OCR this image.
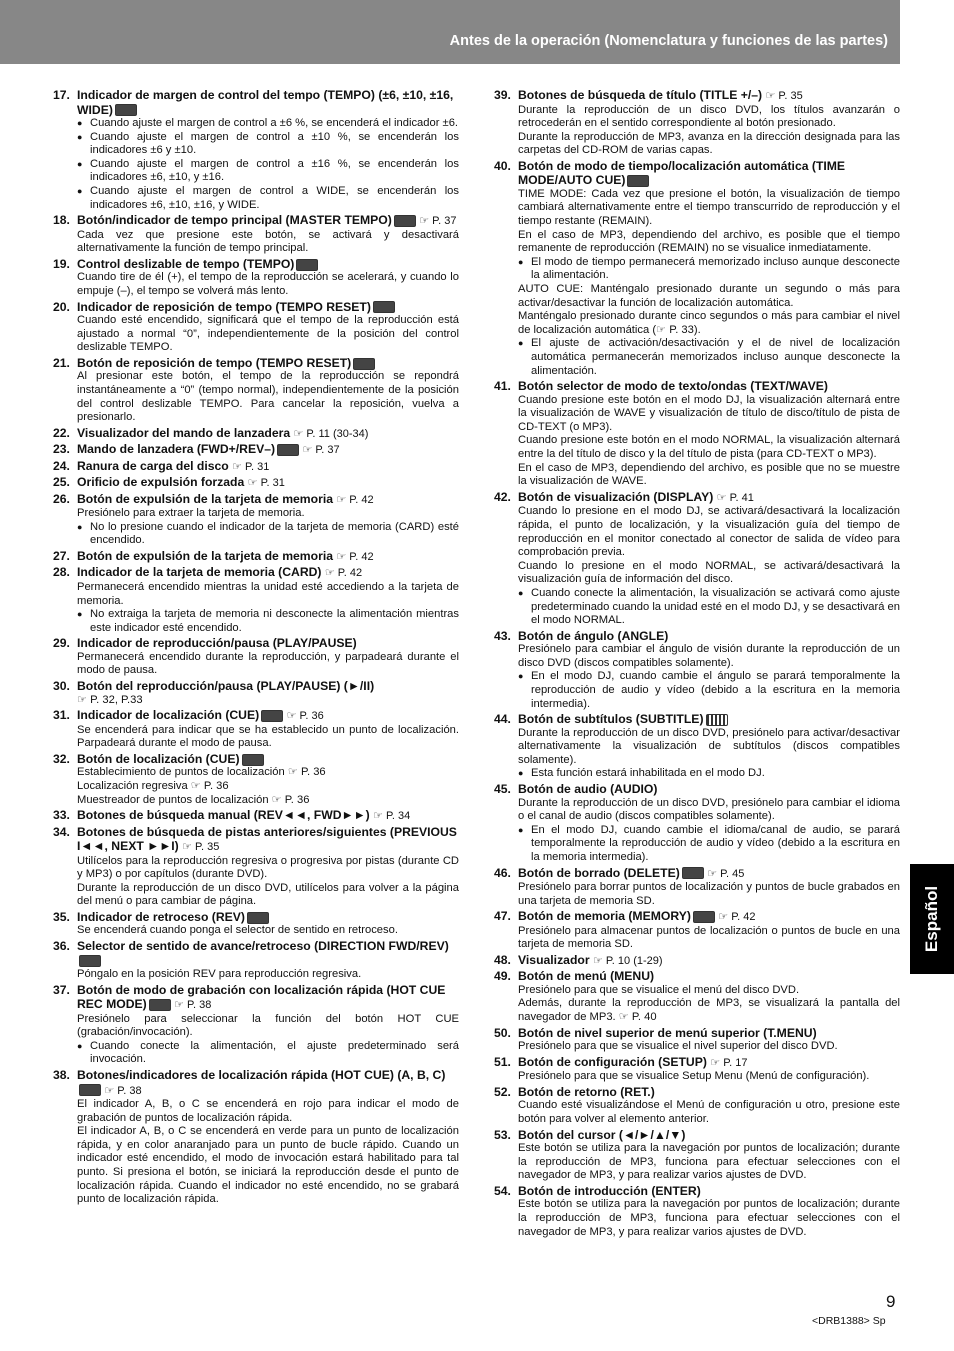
Antes de la operación (Nomenclatura y funciones de las partes)
17. Indicador de margen de control del tempo (TEMPO) (±6, ±10, ±16, WIDE)
● Cuando ajuste el margen de control a ±6 %, se encenderá el indicador ±6.
● Cuando ajuste el margen de control a ±10 %, se encenderán los indicadores ±6 y ±10.
● Cuando ajuste el margen de control a ±16 %, se encenderán los indicadores ±6, ±10, y ±16.
● Cuando ajuste el margen de control a WIDE, se encenderán los indicadores ±6, ±10, ±16, y WIDE.
18. Botón/indicador de tempo principal (MASTER TEMPO) ☞ P. 37
Cada vez que presione este botón, se activará y desactivará alternativamente la función de tempo principal.
19. Control deslizable de tempo (TEMPO)
Cuando tire de él (+), el tempo de la reproducción se acelerará, y cuando lo empuje (–), el tempo se volverá más lento.
20. Indicador de reposición de tempo (TEMPO RESET)
Cuando esté encendido, significará que el tempo de la reproducción está ajustado a normal “0”, independientemente de la posición del control deslizable TEMPO.
21. Botón de reposición de tempo (TEMPO RESET)
Al presionar este botón, el tempo de la reproducción se repondrá instantáneamente a “0” (tempo normal), independientemente de la posición del control deslizable TEMPO. Para cancelar la reposición, vuelva a presionarlo.
22. Visualizador del mando de lanzadera ☞ P. 11 (30-34)
23. Mando de lanzadera (FWD+/REV–) ☞ P. 37
24. Ranura de carga del disco ☞ P. 31
25. Orificio de expulsión forzada ☞ P. 31
26. Botón de expulsión de la tarjeta de memoria ☞ P. 42
Presiónelo para extraer la tarjeta de memoria.
● No lo presione cuando el indicador de la tarjeta de memoria (CARD) esté encendido.
27. Botón de expulsión de la tarjeta de memoria ☞ P. 42
28. Indicador de la tarjeta de memoria (CARD) ☞ P. 42
Permanecerá encendido mientras la unidad esté accediendo a la tarjeta de memoria.
● No extraiga la tarjeta de memoria ni desconecte la alimentación mientras este indicador esté encendido.
29. Indicador de reproducción/pausa (PLAY/PAUSE)
Permanecerá encendido durante la reproducción, y parpadeará durante el modo de pausa.
30. Botón del reproducción/pausa (PLAY/PAUSE) (►/II)
☞ P. 32, P.33
31. Indicador de localización (CUE) ☞ P. 36
Se encenderá para indicar que se ha establecido un punto de localización. Parpadeará durante el modo de pausa.
32. Botón de localización (CUE)
Establecimiento de puntos de localización ☞ P. 36
Localización regresiva ☞ P. 36
Muestreador de puntos de localización ☞ P. 36
33. Botones de búsqueda manual (REV◄◄, FWD►►) ☞ P. 34
34. Botones de búsqueda de pistas anteriores/siguientes (PREVIOUS I◄◄, NEXT ►►I) ☞ P. 35
Utilícelos para la reproducción regresiva o progresiva por pistas (durante CD y MP3) o por capítulos (durante DVD).
Durante la reproducción de un disco DVD, utilícelos para volver a la página del menú o para cambiar de página.
35. Indicador de retroceso (REV)
Se encenderá cuando ponga el selector de sentido en retroceso.
36. Selector de sentido de avance/retroceso (DIRECTION FWD/REV)
Póngalo en la posición REV para reproducción regresiva.
37. Botón de modo de grabación con localización rápida (HOT CUE REC MODE) ☞ P. 38
Presiónelo para seleccionar la función del botón HOT CUE (grabación/invocación).
● Cuando conecte la alimentación, el ajuste predeterminado será invocación.
38. Botones/indicadores de localización rápida (HOT CUE) (A, B, C) ☞ P. 38
El indicador A, B, o C se encenderá en rojo para indicar el modo de grabación de puntos de localización rápida.
El indicador A, B, o C se encenderá en verde para un punto de localización rápida, y en color anaranjado para un punto de bucle rápido. Cuando un indicador esté encendido, el modo de invocación estará habilitado para tal punto. Si presiona el botón, se iniciará la reproducción desde el punto de localización rápida. Cuando el indicador no esté encendido, no se grabará punto de localización rápida.
39. Botones de búsqueda de título (TITLE +/–) ☞ P. 35
Durante la reproducción de un disco DVD, los títulos avanzarán o retrocederán en el sentido correspondiente al botón presionado.
Durante la reproducción de MP3, avanza en la dirección designada para las carpetas del CD-ROM de varias capas.
40. Botón de modo de tiempo/localización automática (TIME MODE/AUTO CUE)
TIME MODE: Cada vez que presione el botón, la visualización de tiempo cambiará alternativamente entre el tiempo transcurrido de reproducción y el tiempo restante (REMAIN).
En el caso de MP3, dependiendo del archivo, es posible que el tiempo remanente de reproducción (REMAIN) no se visualice inmediatamente.
● El modo de tiempo permanecerá memorizado incluso aunque desconecte la alimentación.
AUTO CUE: Manténgalo presionado durante un segundo o más para activar/desactivar la función de localización automática.
Manténgalo presionado durante cinco segundos o más para cambiar el nivel de localización automática (☞ P. 33).
● El ajuste de activación/desactivación y el de nivel de localización automática permanecerán memorizados incluso aunque desconecte la alimentación.
41. Botón selector de modo de texto/ondas (TEXT/WAVE)
Cuando presione este botón en el modo DJ, la visualización alternará entre la visualización de WAVE y visualización de título de disco/título de pista de CD-TEXT (o MP3).
Cuando presione este botón en el modo NORMAL, la visualización alternará entre la del título de disco y la del título de pista (para CD-TEXT o MP3).
En el caso de MP3, dependiendo del archivo, es posible que no se muestre la visualización de WAVE.
42. Botón de visualización (DISPLAY) ☞ P. 41
Cuando lo presione en el modo DJ, se activará/desactivará la localización rápida, el punto de localización, y la visualización guía del tiempo de reproducción en el monitor conectado al conector de salida de vídeo para comprobación previa.
Cuando lo presione en el modo NORMAL, se activará/desactivará la visualización guía de información del disco.
● Cuando conecte la alimentación, la visualización se activará como ajuste predeterminado cuando la unidad esté en el modo DJ, y se desactivará en el modo NORMAL.
43. Botón de ángulo (ANGLE)
Presiónelo para cambiar el ángulo de visión durante la reproducción de un disco DVD (discos compatibles solamente).
● En el modo DJ, cuando cambie el ángulo se parará temporalmente la reproducción de audio y vídeo (debido a la escritura en la memoria intermedia).
44. Botón de subtítulos (SUBTITLE)
Durante la reproducción de un disco DVD, presiónelo para activar/desactivar alternativamente la visualización de subtítulos (discos compatibles solamente).
● Esta función estará inhabilitada en el modo DJ.
45. Botón de audio (AUDIO)
Durante la reproducción de un disco DVD, presiónelo para cambiar el idioma o el canal de audio (discos compatibles solamente).
● En el modo DJ, cuando cambie el idioma/canal de audio, se parará temporalmente la reproducción de audio y vídeo (debido a la escritura en la memoria intermedia).
46. Botón de borrado (DELETE) ☞ P. 45
Presiónelo para borrar puntos de localización y puntos de bucle grabados en una tarjeta de memoria SD.
47. Botón de memoria (MEMORY) ☞ P. 42
Presiónelo para almacenar puntos de localización o puntos de bucle en una tarjeta de memoria SD.
48. Visualizador ☞ P. 10 (1-29)
49. Botón de menú (MENU)
Presiónelo para que se visualice el menú del disco DVD.
Además, durante la reproducción de MP3, se visualizará la pantalla del navegador de MP3. ☞ P. 40
50. Botón de nivel superior de menú superior (T.MENU)
Presiónelo para que se visualice el nivel superior del disco DVD.
51. Botón de configuración (SETUP) ☞ P. 17
Presiónelo para que se visualice Setup Menu (Menú de configuración).
52. Botón de retorno (RET.)
Cuando esté visualizándose el Menú de configuración u otro, presione este botón para volver al elemento anterior.
53. Botón del cursor (◄/►/▲/▼)
Este botón se utiliza para la navegación por puntos de localización; durante la reproducción de MP3, funciona para efectuar selecciones con el navegador de MP3, y para realizar varios ajustes de DVD.
54. Botón de introducción (ENTER)
Este botón se utiliza para la navegación por puntos de localización; durante la reproducción de MP3, funciona para efectuar selecciones con el navegador de MP3, y para realizar varios ajustes de DVD.
Español
9
<DRB1388> Sp
